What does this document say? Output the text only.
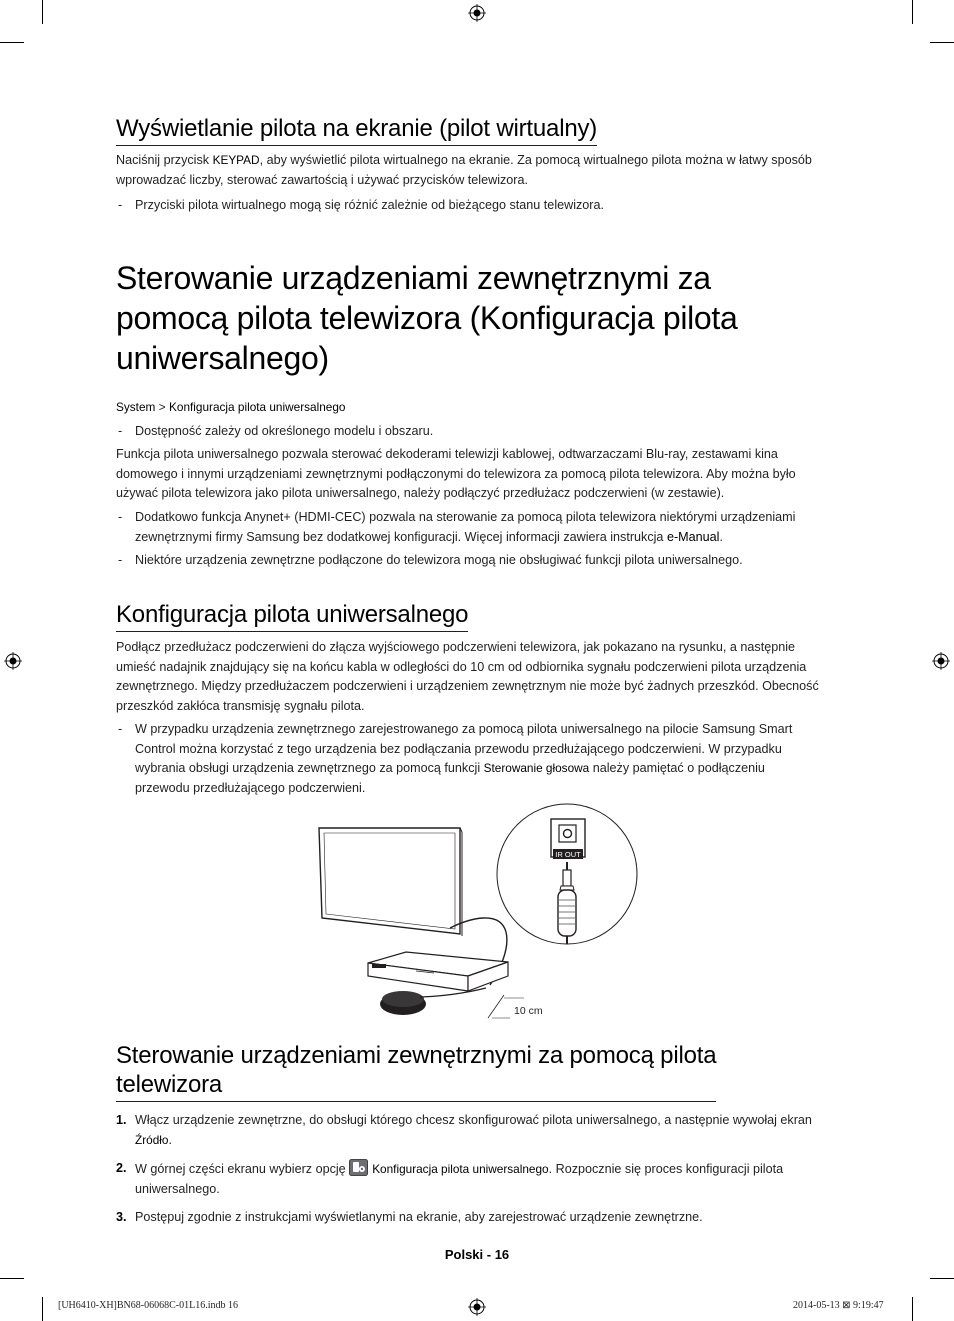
Wyświetlanie pilota na ekranie (pilot wirtualny)
Naciśnij przycisk KEYPAD, aby wyświetlić pilota wirtualnego na ekranie. Za pomocą wirtualnego pilota można w łatwy sposób
wprowadzać liczby, sterować zawartością i używać przycisków telewizora.
- Przyciski pilota wirtualnego mogą się różnić zależnie od bieżącego stanu telewizora.
Sterowanie urządzeniami zewnętrznymi za
pomocą pilota telewizora (Konfiguracja pilota
uniwersalnego)
System > Konfiguracja pilota uniwersalnego
- Dostępność zależy od określonego modelu i obszaru.
Funkcja pilota uniwersalnego pozwala sterować dekoderami telewizji kablowej, odtwarzaczami Blu-ray, zestawami kina
domowego i innymi urządzeniami zewnętrznymi podłączonymi do telewizora za pomocą pilota telewizora. Aby można było
używać pilota telewizora jako pilota uniwersalnego, należy podłączyć przedłużacz podczerwieni (w zestawie).
- Dodatkowo funkcja Anynet+ (HDMI-CEC) pozwala na sterowanie za pomocą pilota telewizora niektórymi urządzeniami
zewnętrznymi firmy Samsung bez dodatkowej konfiguracji. Więcej informacji zawiera instrukcja e-Manual.
- Niektóre urządzenia zewnętrzne podłączone do telewizora mogą nie obsługiwać funkcji pilota uniwersalnego.
Konfiguracja pilota uniwersalnego
Podłącz przedłużacz podczerwieni do złącza wyjściowego podczerwieni telewizora, jak pokazano na rysunku, a następnie
umieść nadajnik znajdujący się na końcu kabla w odległości do 10 cm od odbiornika sygnału podczerwieni pilota urządzenia
zewnętrznego. Między przedłużaczem podczerwieni i urządzeniem zewnętrznym nie może być żadnych przeszkód. Obecność
przeszkód zakłóca transmisję sygnału pilota.
- W przypadku urządzenia zewnętrznego zarejestrowanego za pomocą pilota uniwersalnego na pilocie Samsung Smart
Control można korzystać z tego urządzenia bez podłączania przewodu przedłużającego podczerwieni. W przypadku
wybrania obsługi urządzenia zewnętrznego za pomocą funkcji Sterowanie głosowa należy pamiętać o podłączeniu
przewodu przedłużającego podczerwieni.
10 cm
IR OUT
Sterowanie urządzeniami zewnętrznymi za pomocą pilota
telewizora
1. Włącz urządzenie zewnętrzne, do obsługi którego chcesz skonfigurować pilota uniwersalnego, a następnie wywołaj ekran
Źródło.
2. W górnej części ekranu wybierz opcję Konfiguracja pilota uniwersalnego. Rozpocznie się proces konfiguracji pilota
uniwersalnego.
3. Postępuj zgodnie z instrukcjami wyświetlanymi na ekranie, aby zarejestrować urządzenie zewnętrzne.
Polski - 16
[UH6410-XH]BN68-06068C-01L16.indb 16	2014-05-13 ⊠ 9:19:47
